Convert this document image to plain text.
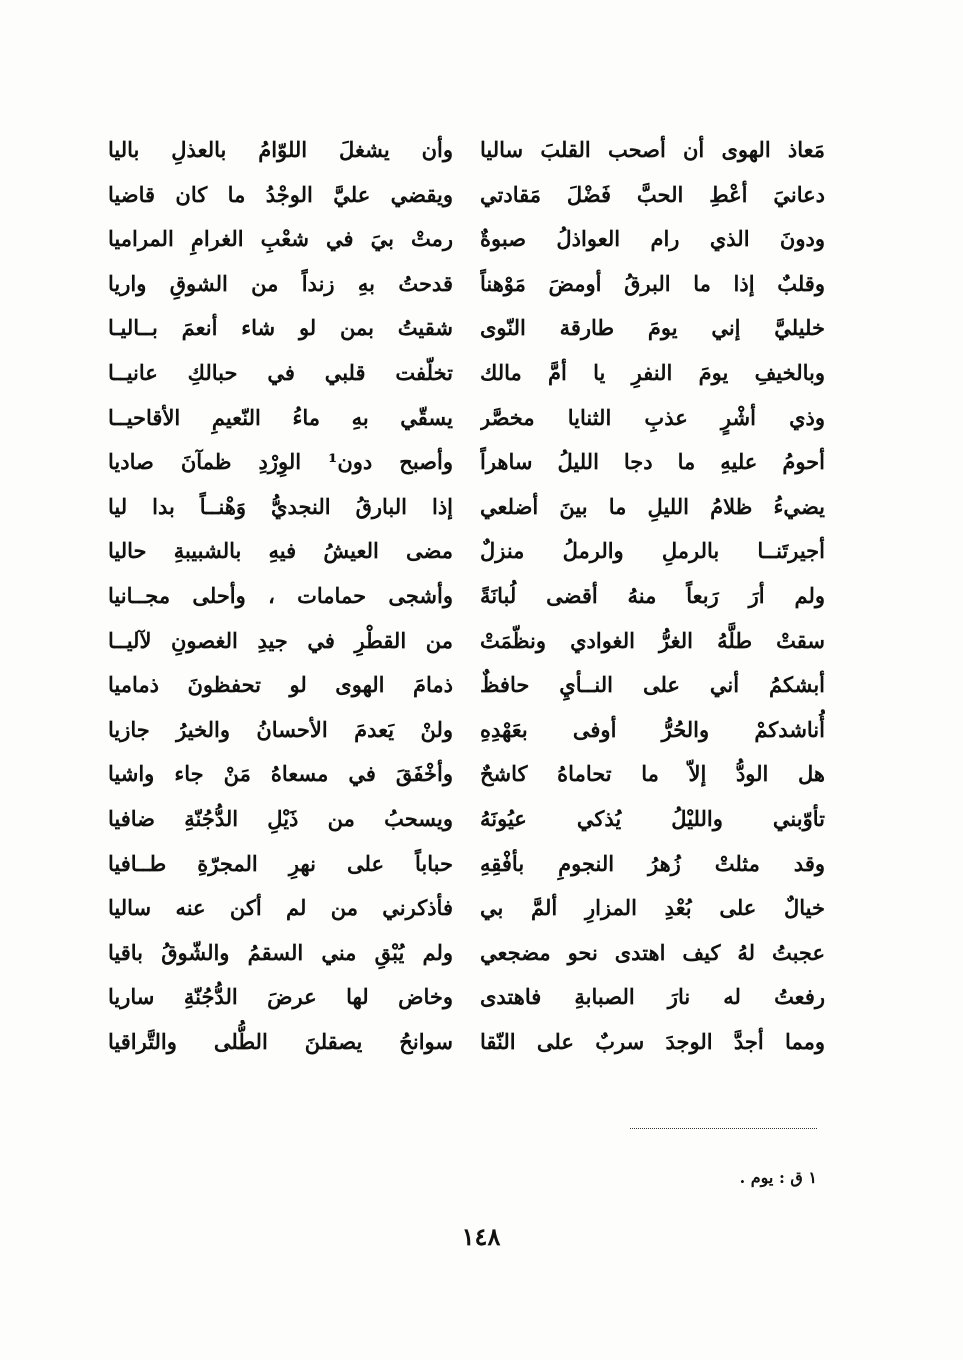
مَعاذ الهوى أن أصحب القلبَ ساليا
دعانيَ أعْطِ الحبَّ فَضْلَ مَقادتي
ودونَ الذي رام العواذلُ صبوةٌ
وقلبٌ إذا ما البرقُ أومضَ مَوْهناً
خليليَّ إني يومَ طارقة النّوى
وبالخيفِ يومَ النفرِ يا أمَّ مالك
وذي أشْرٍ عذبِ الثنايا مخصَّر
أحومُ عليهِ ما دجا الليلُ ساهراً
يضيءُ ظلامُ الليلِ ما بينَ أضلعي
أجيرتَنــا بالرملِ والرملُ منزلٌ
ولم أرَ رَبعاً منهُ أقضى لُبانَةً
سقتْ طلَّهُ الغرُّ الغوادي ونظّمَتْ
أبشكمُ أني على النــأيِ حافظٌ
أُناشدكمْ والحُرُّ أوفى بعَهْدِهِ
هل الودُّ إلاّ ما تحاماهُ كاشحٌ
تأوّبني والليْلُ يُذكي عيُونَهُ
وقد مثلتْ زُهرُ النجومِ بأفْقِهِ
خيالٌ على بُعْدِ المزارِ ألمَّ بي
عجبتُ لهُ كيف اهتدى نحو مضجعي
رفعتُ له نارَ الصبابةِ فاهتدى
ومما أجدَّ الوجدَ سربٌ على النّقا
وأن يشغلَ اللوّامُ بالعذلِ باليا
ويقضي عليَّ الوجْدُ ما كان قاضيا
رمتْ بيَ في شعْبِ الغرامِ المراميا
قدحتُ بهِ زنداً من الشوقِ واريا
شقيتُ بمن لو شاء أنعمَ بــاليـا
تخلّفت قلبي في حبالكِ عانيــا
يسقّي بهِ ماءُ النّعيمِ الأقاحيــا
وأصبح دون¹ الوِرْدِ ظمآنَ صاديا
إذا البارقُ النجديُّ وَهْنــاً بدا ليا
مضى العيشُ فيهِ بالشبيبةِ حاليا
وأشجى حمامات ، وأحلى مجــانيا
من القطْرِ في جيدِ الغصونِ لآليــا
ذمامَ الهوى لو تحفظونَ ذماميا
ولنْ يَعدمَ الأحسانُ والخيرُ جازيا
وأخْفَقَ في مسعاهُ مَنْ جاء واشيا
ويسحبُ من ذَيْلِ الدُّجُنّةِ ضافيا
حباباً على نهرِ المجرّةِ طــافيا
فأذكرني من لم أكن عنه ساليا
ولم يُبْقِ مني السقمُ والشّوقُ باقيا
وخاض لها عرضَ الدُّجُنّةِ ساريا
سوانحُ يصقلنَ الطُّلى والتَّراقيا
١ ق : يوم .
١٤٨
